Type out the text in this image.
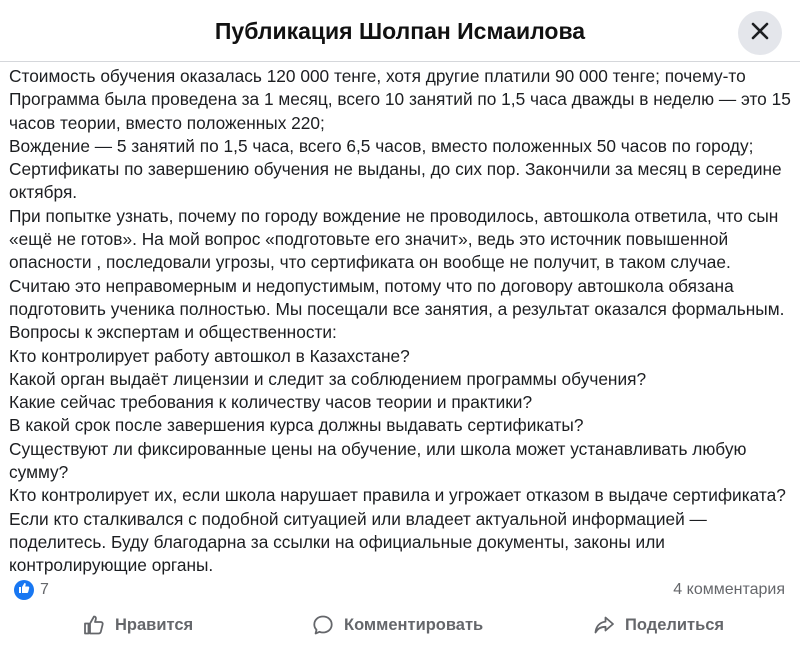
Публикация Шолпан Исмаилова

Стоимость обучения оказалась 120 000 тенге, хотя другие платили 90 000 тенге; почему-то

Программа была проведена за 1 месяц, всего 10 занятий по 1,5 часа дважды в неделю — это 15 часов теории, вместо положенных 220;

Вождение — 5 занятий по 1,5 часа, всего 6,5 часов, вместо положенных 50 часов по городу;

Сертификаты по завершению обучения не выданы, до сих пор. Закончили за месяц в середине октября.

При попытке узнать, почему по городу вождение не проводилось, автошкола ответила, что сын «ещё не готов». На мой вопрос «подготовьте его значит», ведь это источник повышенной опасности , последовали угрозы, что сертификата он вообще не получит, в таком случае.

Считаю это неправомерным и недопустимым, потому что по договору автошкола обязана подготовить ученика полностью. Мы посещали все занятия, а результат оказался формальным.

Вопросы к экспертам и общественности:

Кто контролирует работу автошкол в Казахстане?

Какой орган выдаёт лицензии и следит за соблюдением программы обучения?

Какие сейчас требования к количеству часов теории и практики?

В какой срок после завершения курса должны выдавать сертификаты?

Существуют ли фиксированные цены на обучение, или школа может устанавливать любую сумму?

Кто контролирует их, если школа нарушает правила и угрожает отказом в выдаче сертификата?

Если кто сталкивался с подобной ситуацией или владеет актуальной информацией — поделитесь. Буду благодарна за ссылки на официальные документы, законы или контролирующие органы.

7	4 комментария
Нравится	Комментировать	Поделиться
